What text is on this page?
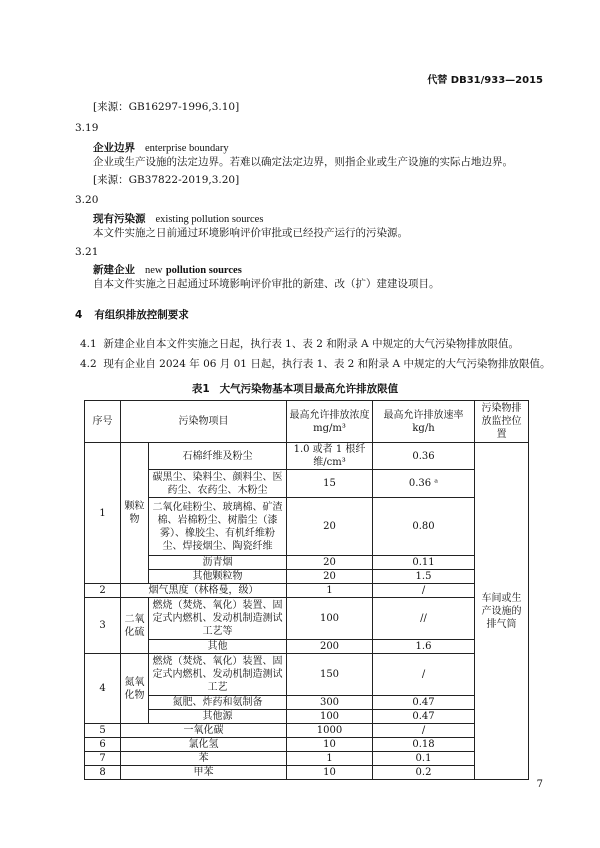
代替 DB31/933—2015
[来源：GB16297-1996,3.10]
3.19
企业边界 enterprise boundary
企业或生产设施的法定边界。若难以确定法定边界，则指企业或生产设施的实际占地边界。
[来源：GB37822-2019,3.20]
3.20
现有污染源 existing pollution sources
本文件实施之日前通过环境影响评价审批或已经投产运行的污染源。
3.21
新建企业 new pollution sources
自本文件实施之日起通过环境影响评价审批的新建、改（扩）建建设项目。
4 有组织排放控制要求
4.1 新建企业自本文件实施之日起，执行表 1、表 2 和附录 A 中规定的大气污染物排放限值。
4.2 现有企业自 2024 年 06 月 01 日起，执行表 1、表 2 和附录 A 中规定的大气污染物排放限值。
表1 大气污染物基本项目最高允许排放限值
序号	污染物项目		最高允许排放浓度 mg/m³	最高允许排放速率 kg/h	污染物排放监控位置
1	颗粒物	石棉纤维及粉尘	1.0 或者 1 根纤维/cm³	0.36	车间或生产设施的排气筒
		碳黑尘、染料尘、颜料尘、医药尘、农药尘、木粉尘	15	0.36 ᵃ	
		二氧化硅粉尘、玻璃棉、矿渣棉、岩棉粉尘、树脂尘（漆雾）、橡胶尘、有机纤维粉尘、焊接烟尘、陶瓷纤维	20	0.80	
		沥青烟	20	0.11	
		其他颗粒物	20	1.5	
2	烟气黑度（林格曼，级）		1	/	
3	二氧化硫	燃烧（焚烧、氧化）装置、固定式内燃机、发动机制造测试工艺等	100	//	
		其他	200	1.6	
4	氮氧化物	燃烧（焚烧、氧化）装置、固定式内燃机、发动机制造测试工艺	150	/	
		氮肥、炸药和氨制备	300	0.47	
		其他源	100	0.47	
5	一氧化碳		1000	/	
6	氯化氢		10	0.18	
7	苯		1	0.1	
8	甲苯		10	0.2	
7
